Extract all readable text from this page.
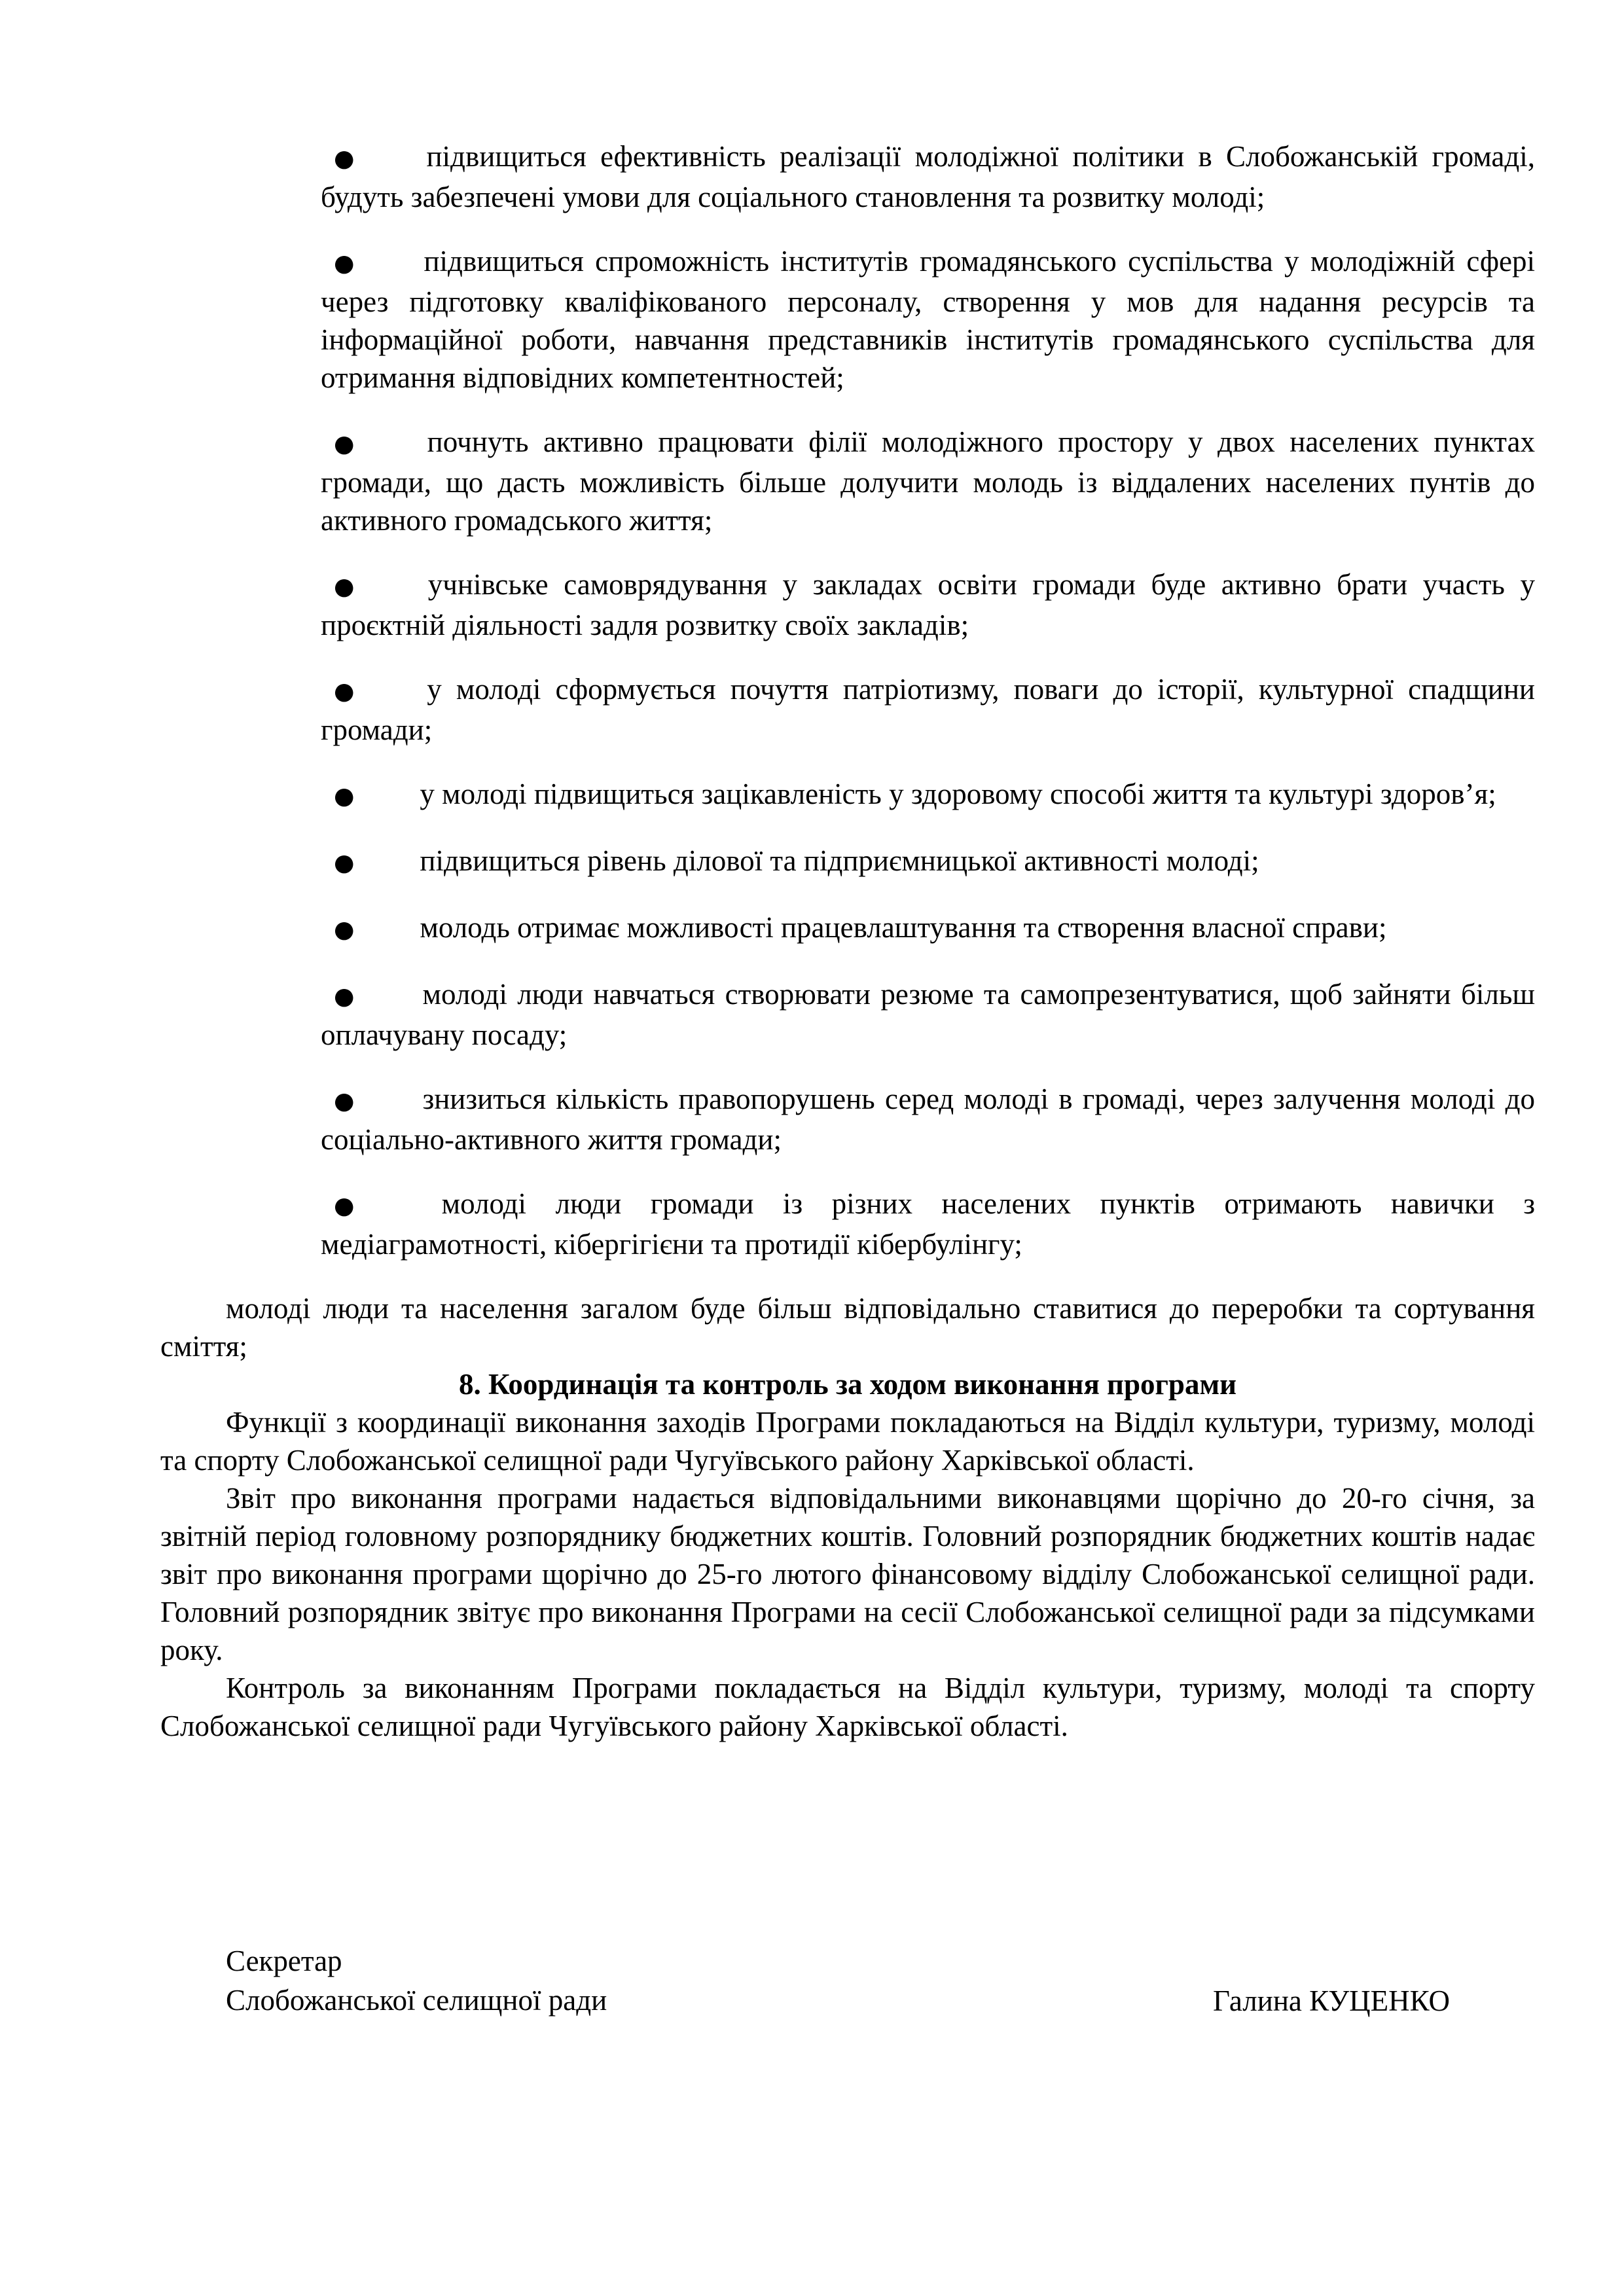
● підвищиться ефективність реалізації молодіжної політики в Слобожанській громаді, будуть забезпечені умови для соціального становлення та розвитку молоді;

● підвищиться спроможність інститутів громадянського суспільства у молодіжній сфері через підготовку кваліфікованого персоналу, створення у мов для надання ресурсів та інформаційної роботи, навчання представників інститутів громадянського суспільства для отримання відповідних компетентностей;

● почнуть активно працювати філії молодіжного простору у двох населених пунктах громади, що дасть можливість більше долучити молодь із віддалених населених пунтів до активного громадського життя;

● учнівське самоврядування у закладах освіти громади буде активно брати участь у проєктній діяльності задля розвитку своїх закладів;

● у молоді сформується почуття патріотизму, поваги до історії, культурної спадщини громади;

● у молоді підвищиться зацікавленість у здоровому способі життя та культурі здоров’я;

● підвищиться рівень ділової та підприємницької активності молоді;

● молодь отримає можливості працевлаштування та створення власної справи;

● молоді люди навчаться створювати резюме та самопрезентуватися, щоб зайняти більш оплачувану посаду;

● знизиться кількість правопорушень серед молоді в громаді, через залучення молоді до соціально-активного життя громади;

● молоді люди громади із різних населених пунктів отримають навички з медіаграмотності, кібергігієни та протидії кібербулінгу;

молоді люди та населення загалом буде більш відповідально ставитися до переробки та сортування сміття;

8. Координація та контроль за ходом виконання програми

Функції з координації виконання заходів Програми покладаються на Відділ культури, туризму, молоді та спорту Слобожанської селищної ради Чугуївського району Харківської області.

Звіт про виконання програми надається відповідальними виконавцями щорічно до 20-го січня, за звітній період головному розпоряднику бюджетних коштів. Головний розпорядник бюджетних коштів надає звіт про виконання програми щорічно до 25-го лютого фінансовому відділу Слобожанської селищної ради. Головний розпорядник звітує про виконання Програми на сесії Слобожанської селищної ради за підсумками року.

Контроль за виконанням Програми покладається на Відділ культури, туризму, молоді та спорту Слобожанської селищної ради Чугуївського району Харківської області.

Секретар
Слобожанської селищної ради	Галина КУЦЕНКО
